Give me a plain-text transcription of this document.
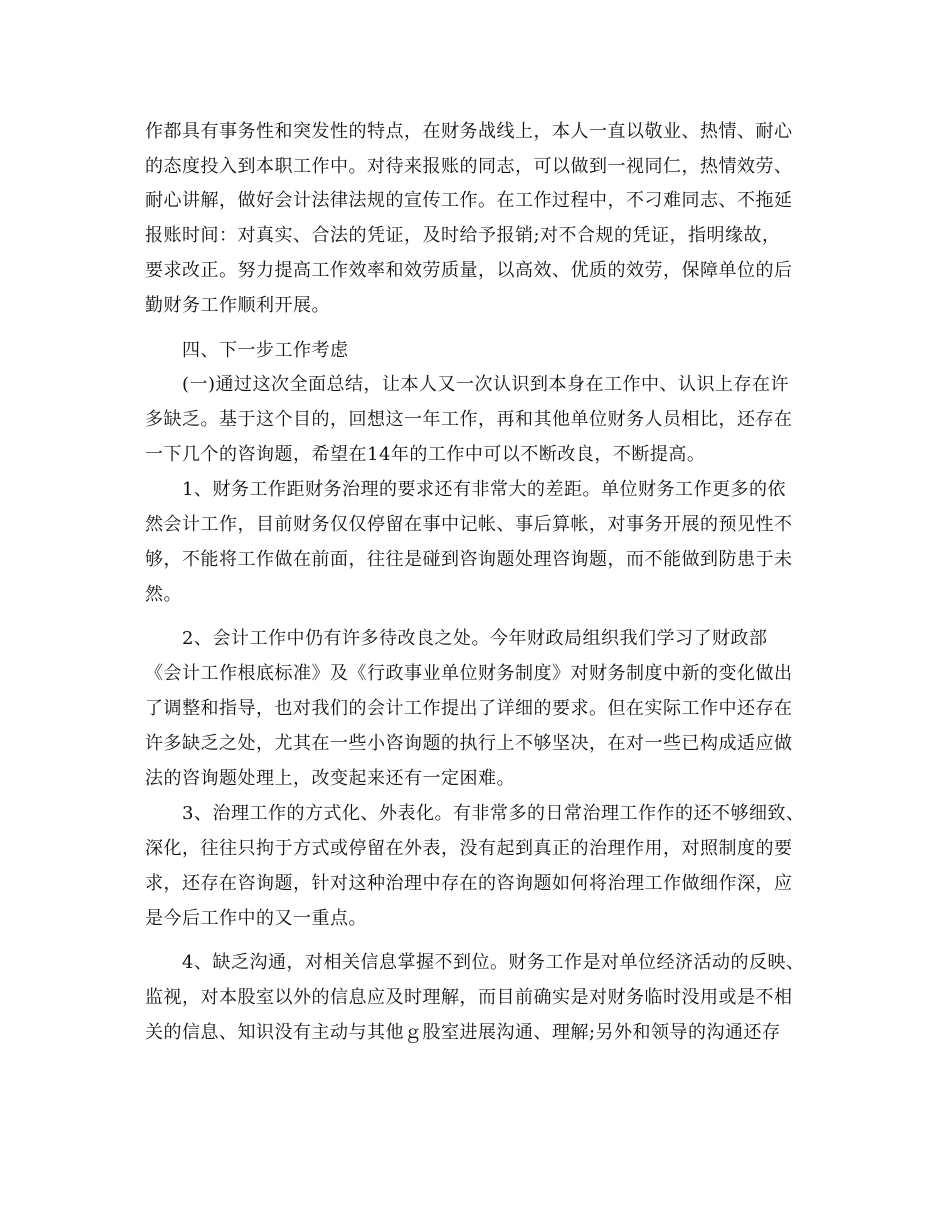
作都具有事务性和突发性的特点，在财务战线上，本人一直以敬业、热情、耐心
的态度投入到本职工作中。对待来报账的同志，可以做到一视同仁，热情效劳、
耐心讲解，做好会计法律法规的宣传工作。在工作过程中，不刁难同志、不拖延
报账时间：对真实、合法的凭证，及时给予报销;对不合规的凭证，指明缘故，
要求改正。努力提高工作效率和效劳质量，以高效、优质的效劳，保障单位的后
勤财务工作顺利开展。
四、下一步工作考虑
(一)通过这次全面总结，让本人又一次认识到本身在工作中、认识上存在许
多缺乏。基于这个目的，回想这一年工作，再和其他单位财务人员相比，还存在
一下几个的咨询题，希望在14年的工作中可以不断改良，不断提高。
1、财务工作距财务治理的要求还有非常大的差距。单位财务工作更多的依
然会计工作，目前财务仅仅停留在事中记帐、事后算帐，对事务开展的预见性不
够，不能将工作做在前面，往往是碰到咨询题处理咨询题，而不能做到防患于未
然。
2、会计工作中仍有许多待改良之处。今年财政局组织我们学习了财政部
《会计工作根底标准》及《行政事业单位财务制度》对财务制度中新的变化做出
了调整和指导，也对我们的会计工作提出了详细的要求。但在实际工作中还存在
许多缺乏之处，尤其在一些小咨询题的执行上不够坚决，在对一些已构成适应做
法的咨询题处理上，改变起来还有一定困难。
3、治理工作的方式化、外表化。有非常多的日常治理工作作的还不够细致、
深化，往往只拘于方式或停留在外表，没有起到真正的治理作用，对照制度的要
求，还存在咨询题，针对这种治理中存在的咨询题如何将治理工作做细作深，应
是今后工作中的又一重点。
4、缺乏沟通，对相关信息掌握不到位。财务工作是对单位经济活动的反映、
监视，对本股室以外的信息应及时理解，而目前确实是对财务临时没用或是不相
关的信息、知识没有主动与其他ｇ股室进展沟通、理解;另外和领导的沟通还存
